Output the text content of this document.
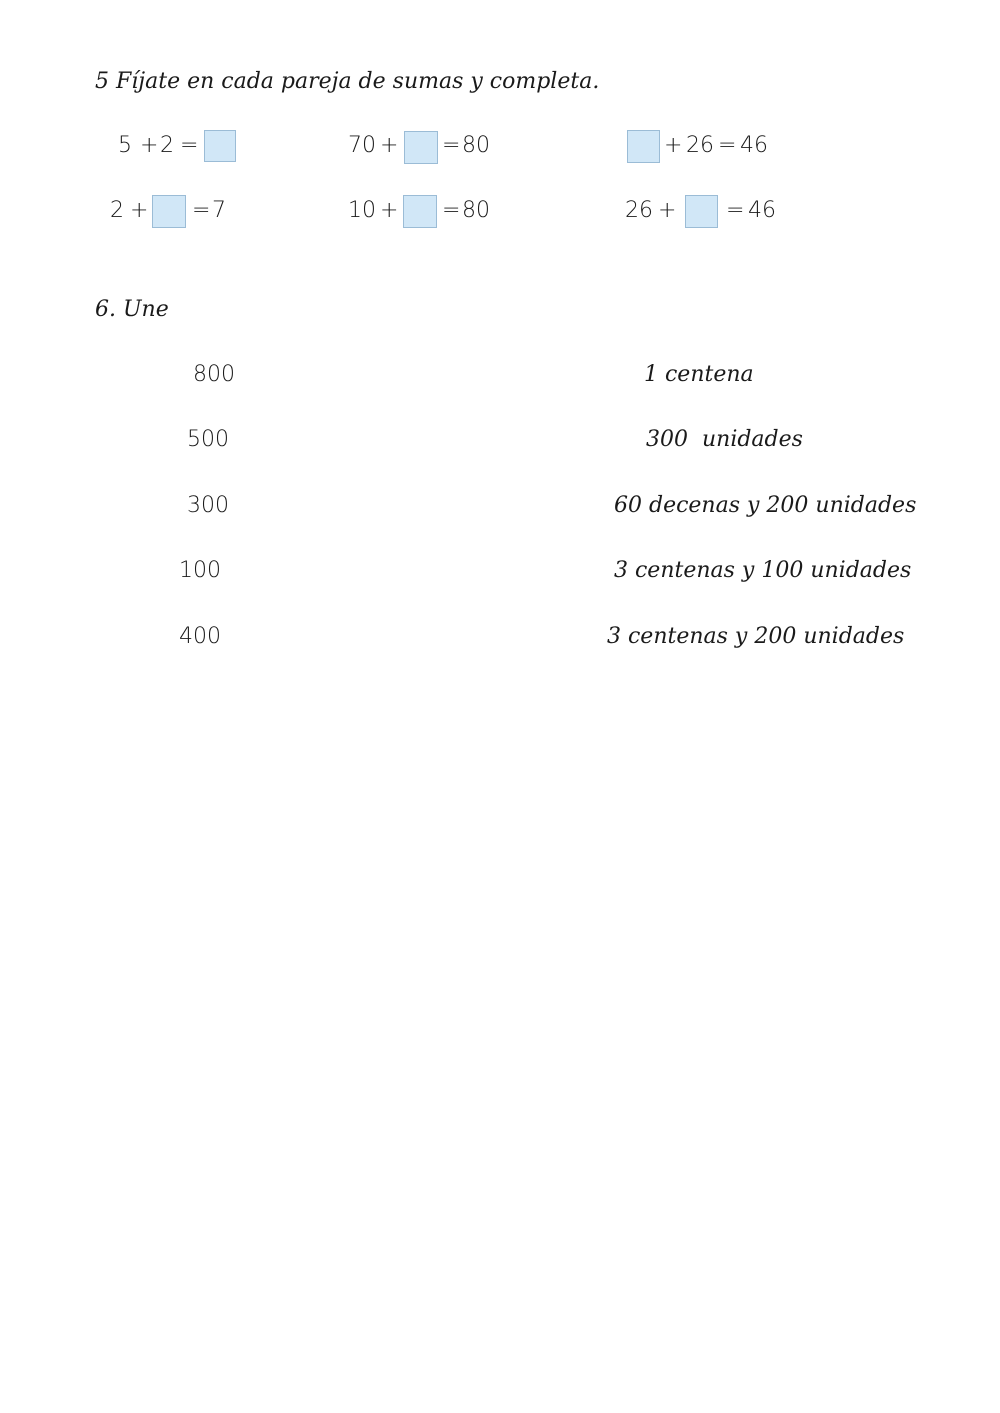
5 Fíjate en cada pareja de sumas y completa.
5 + 2 =
2 + = 7
70 + = 80
10 + = 80
+ 26 = 46
26 + = 46
6. Une
800
500
300
100
400
1 centena
300  unidades
60 decenas y 200 unidades
3 centenas y 100 unidades
3 centenas y 200 unidades
